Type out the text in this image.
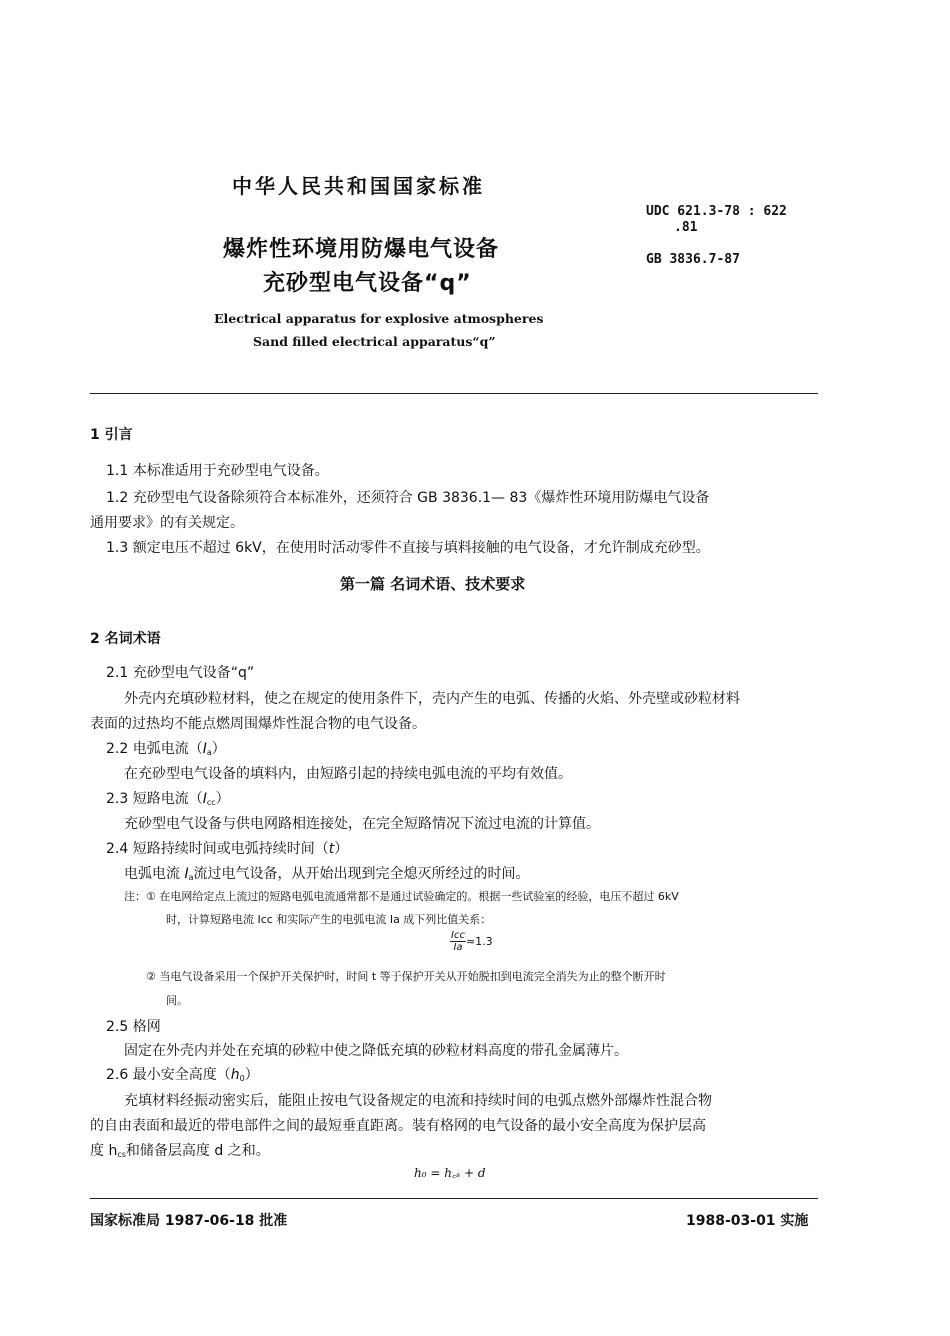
中华人民共和国国家标准
UDC 621.3-78 : 622
.81
GB 3836.7-87
爆炸性环境用防爆电气设备
充砂型电气设备“q”
Electrical apparatus for explosive atmospheres
Sand filled electrical apparatus“q”
1 引言
1.1 本标准适用于充砂型电气设备。
1.2 充砂型电气设备除须符合本标准外，还须符合 GB 3836.1— 83《爆炸性环境用防爆电气设备
通用要求》的有关规定。
1.3 额定电压不超过 6kV，在使用时活动零件不直接与填料接触的电气设备，才允许制成充砂型。
第一篇 名词术语、技术要求
2 名词术语
2.1 充砂型电气设备“q”
外壳内充填砂粒材料，使之在规定的使用条件下，壳内产生的电弧、传播的火焰、外壳壁或砂粒材料
表面的过热均不能点燃周围爆炸性混合物的电气设备。
2.2 电弧电流$(I_a)$
在充砂型电气设备的填料内，由短路引起的持续电弧电流的平均有效值。
2.3 短路电流$(I_{cc})$
充砂型电气设备与供电网路相连接处，在完全短路情况下流过电流的计算值。
2.4 短路持续时间或电弧持续时间（t）
电弧电流 $I_a$流过电气设备，从开始出现到完全熄灭所经过的时间。
注：① 在电网给定点上流过的短路电弧电流通常都不是通过试验确定的。根据一些试验室的经验，电压不超过 6kV
时，计算短路电流 Icc 和实际产生的电弧电流 Ia 成下列比值关系：
$\frac{\text{Icc}}{Ia} \approx 1.3$
② 当电气设备采用一个保护开关保护时，时间 t 等于保护开关从开始脱扣到电流完全消失为止的整个断开时
间。
2.5 格网
固定在外壳内并处在充填的砂粒中使之降低充填的砂粒材料高度的带孔金属薄片。
2.6 最小安全高度$(h_0)$
充填材料经振动密实后，能阻止按电气设备规定的电流和持续时间的电弧点燃外部爆炸性混合物
的自由表面和最近的带电部件之间的最短垂直距离。装有格网的电气设备的最小安全高度为保护层高
度 $h_{cs}$和储备层高度 d 之和。
h₀ = h꜀ₛ + d
国家标准局 1987-06-18 批准	1988-03-01 实施
